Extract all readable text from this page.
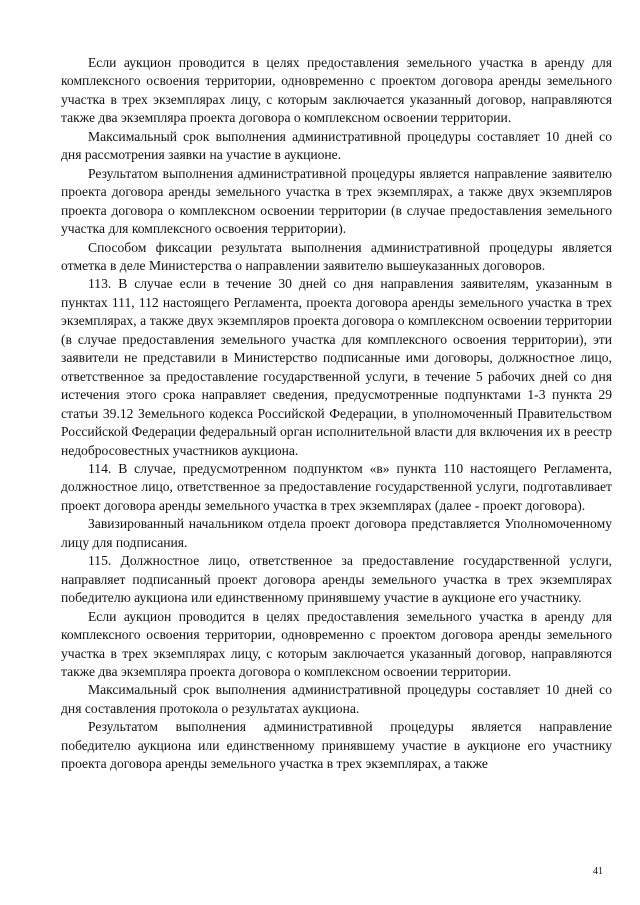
Если аукцион проводится в целях предоставления земельного участка в аренду для комплексного освоения территории, одновременно с проектом договора аренды земельного участка в трех экземплярах лицу, с которым заключается указанный договор, направляются также два экземпляра проекта договора о комплексном освоении территории.

Максимальный срок выполнения административной процедуры составляет 10 дней со дня рассмотрения заявки на участие в аукционе.

Результатом выполнения административной процедуры является направление заявителю проекта договора аренды земельного участка в трех экземплярах, а также двух экземпляров проекта договора о комплексном освоении территории (в случае предоставления земельного участка для комплексного освоения территории).

Способом фиксации результата выполнения административной процедуры является отметка в деле Министерства о направлении заявителю вышеуказанных договоров.

113. В случае если в течение 30 дней со дня направления заявителям, указанным в пунктах 111, 112 настоящего Регламента, проекта договора аренды земельного участка в трех экземплярах, а также двух экземпляров проекта договора о комплексном освоении территории (в случае предоставления земельного участка для комплексного освоения территории), эти заявители не представили в Министерство подписанные ими договоры, должностное лицо, ответственное за предоставление государственной услуги, в течение 5 рабочих дней со дня истечения этого срока направляет сведения, предусмотренные подпунктами 1-3 пункта 29 статьи 39.12 Земельного кодекса Российской Федерации, в уполномоченный Правительством Российской Федерации федеральный орган исполнительной власти для включения их в реестр недобросовестных участников аукциона.

114. В случае, предусмотренном подпунктом «в» пункта 110 настоящего Регламента, должностное лицо, ответственное за предоставление государственной услуги, подготавливает проект договора аренды земельного участка в трех экземплярах (далее - проект договора).

Завизированный начальником отдела проект договора представляется Уполномоченному лицу для подписания.

115. Должностное лицо, ответственное за предоставление государственной услуги, направляет подписанный проект договора аренды земельного участка в трех экземплярах победителю аукциона или единственному принявшему участие в аукционе его участнику.

Если аукцион проводится в целях предоставления земельного участка в аренду для комплексного освоения территории, одновременно с проектом договора аренды земельного участка в трех экземплярах лицу, с которым заключается указанный договор, направляются также два экземпляра проекта договора о комплексном освоении территории.

Максимальный срок выполнения административной процедуры составляет 10 дней со дня составления протокола о результатах аукциона.

Результатом выполнения административной процедуры является направление победителю аукциона или единственному принявшему участие в аукционе его участнику проекта договора аренды земельного участка в трех экземплярах, а также

41
